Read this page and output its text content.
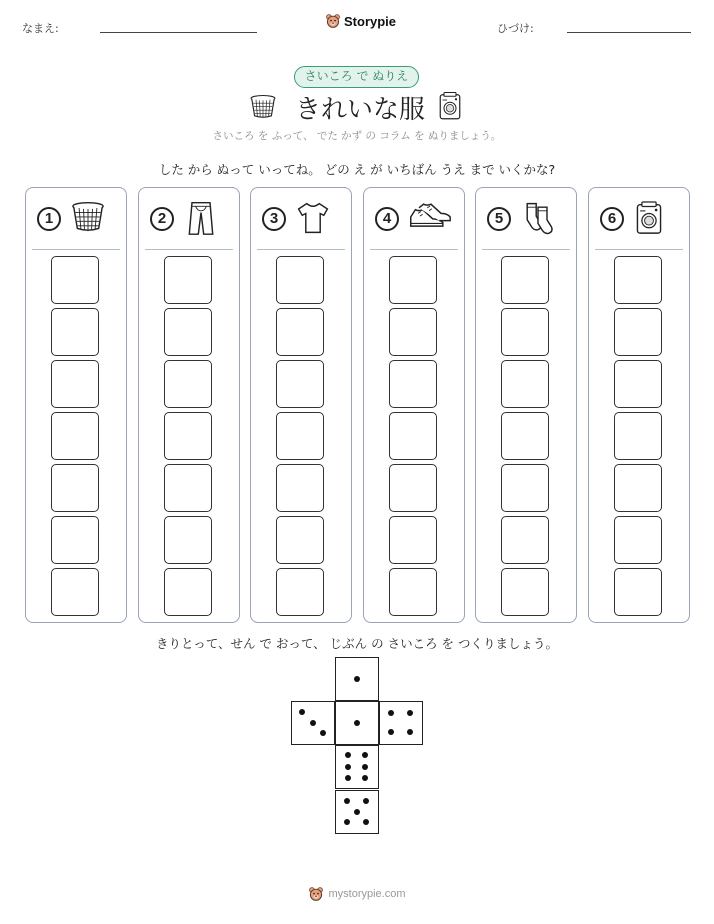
なまえ:	Storypie	ひづけ:
さいころ で ぬりえ
きれいな服
さいころ を ふって、 でた かず の コラム を ぬりましょう。
した から ぬって いってね。 どの え が いちばん うえ まで いくかな?
1	2	3	4	5	6
きりとって、せん で おって、 じぶん の さいころ を つくりましょう。
mystorypie.com
